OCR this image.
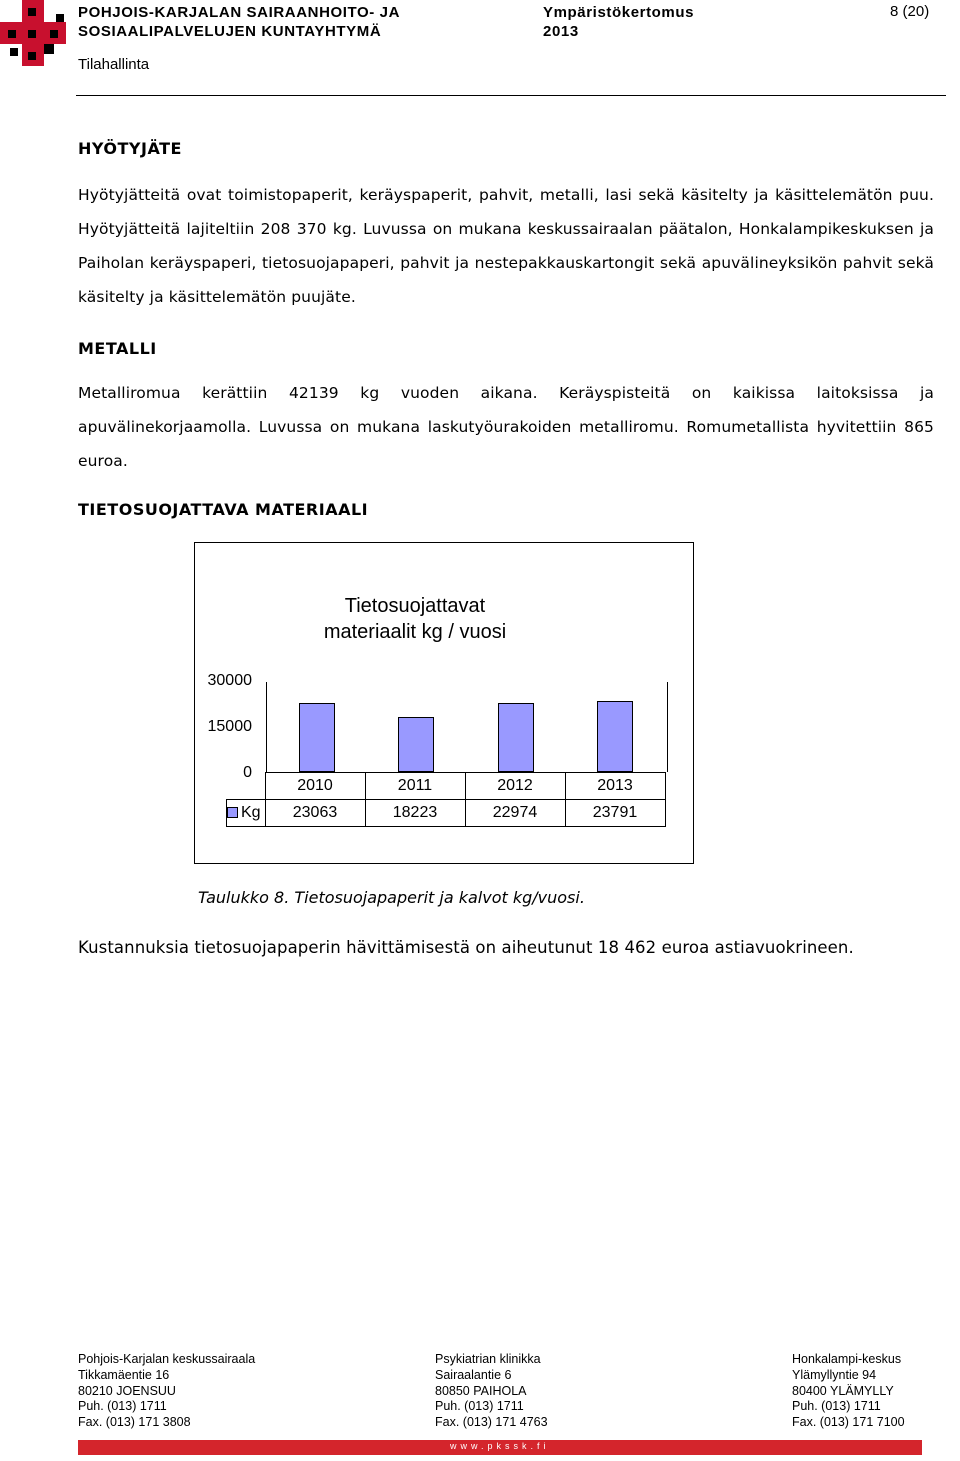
POHJOIS-KARJALAN SAIRAANHOITO- JA
SOSIAALIPALVELUJEN KUNTAYHTYMÄ
Tilahallinta
Ympäristökertomus
2013
8 (20)
HYÖTYJÄTE
Hyötyjätteitä ovat toimistopaperit, keräyspaperit, pahvit, metalli, lasi sekä käsitelty ja käsittelemätön puu. Hyötyjätteitä lajiteltiin 208 370 kg. Luvussa on mukana keskussairaalan päätalon, Honkalampikeskuksen ja Paiholan keräyspaperi, tietosuojapaperi, pahvit ja nestepakkauskartongit sekä apuvälineyksikön pahvit sekä käsitelty ja käsittelemätön puujäte.
METALLI
Metalliromua kerättiin 42139 kg vuoden aikana. Keräyspisteitä on kaikissa laitoksissa ja apuvälinekorjaamolla. Luvussa on mukana laskutyöurakoiden metalliromu. Romumetallista hyvitettiin 865 euroa.
TIETOSUOJATTAVA MATERIAALI
Tietosuojattavat materiaalit kg / vuosi
30000
15000
0
	2010	2011	2012	2013
Kg	23063	18223	22974	23791
Taulukko 8. Tietosuojapaperit ja kalvot kg/vuosi.
Kustannuksia tietosuojapaperin hävittämisestä on aiheutunut 18 462 euroa astiavuokrineen.
Pohjois-Karjalan keskussairaala
Tikkamäentie 16
80210 JOENSUU
Puh. (013) 1711
Fax. (013) 171 3808
Psykiatrian klinikka
Sairaalantie 6
80850 PAIHOLA
Puh. (013) 1711
Fax. (013) 171 4763
Honkalampi-keskus
Ylämyllyntie 94
80400 YLÄMYLLY
Puh. (013) 1711
Fax. (013) 171 7100
www.pkssk.fi
